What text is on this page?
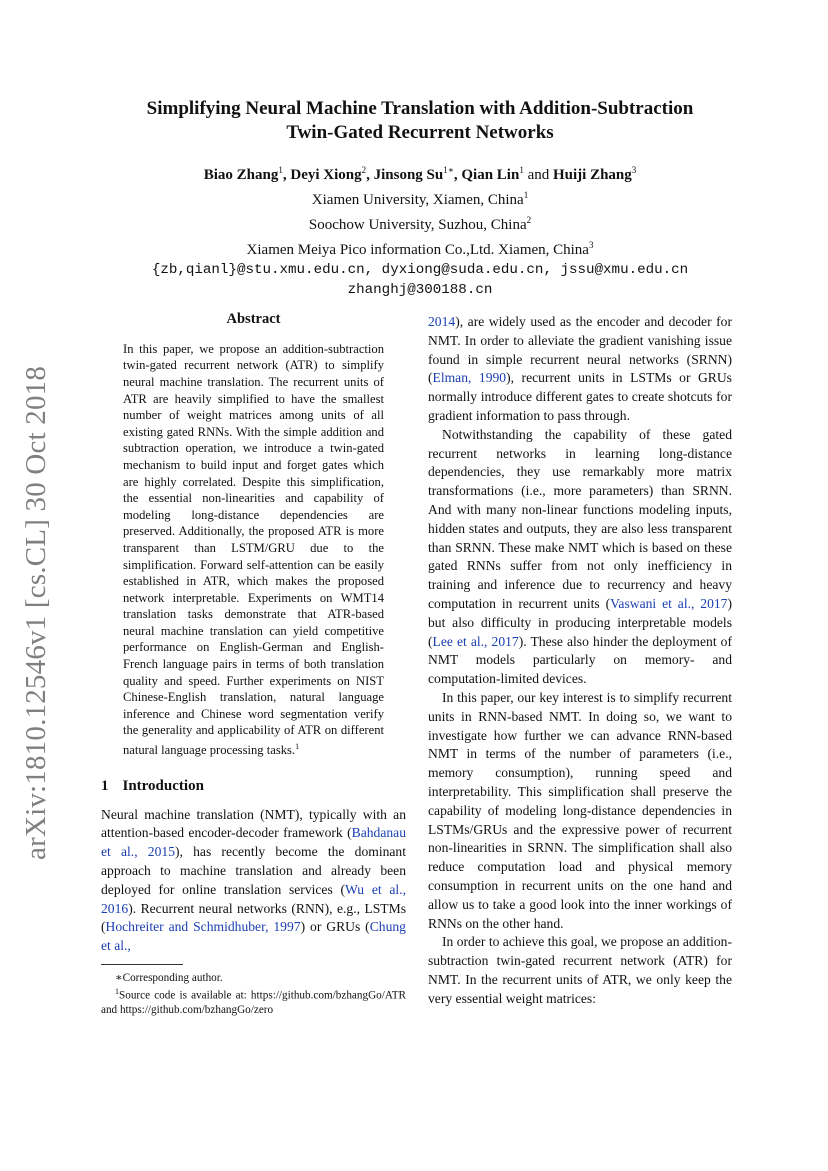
arXiv:1810.12546v1 [cs.CL] 30 Oct 2018
Simplifying Neural Machine Translation with Addition-Subtraction
Twin-Gated Recurrent Networks
Biao Zhang$^1$, Deyi Xiong$^2$, Jinsong $Su^{1∗}$, Qian Lin$^1$ and Huiji Zhang$^3$
Xiamen University, Xiamen, China$^1$
Soochow University, Suzhou, China$^2$
Xiamen Meiya Pico information Co.,Ltd. Xiamen, China$^3$
{zb,qianl}@stu.xmu.edu.cn, dyxiong@suda.edu.cn, jssu@xmu.edu.cn
zhanghj@300188.cn
Abstract
In this paper, we propose an addition-subtraction twin-gated recurrent network (ATR) to simplify neural machine translation. The recurrent units of ATR are heavily simplified to have the smallest number of weight matrices among units of all existing gated RNNs. With the simple addition and subtraction operation, we introduce a twin-gated mechanism to build input and forget gates which are highly correlated. Despite this simplification, the essential non-linearities and capability of modeling long-distance dependencies are preserved. Additionally, the proposed ATR is more transparent than LSTM/GRU due to the simplification. Forward self-attention can be easily established in ATR, which makes the proposed network interpretable. Experiments on WMT14 translation tasks demonstrate that ATR-based neural machine translation can yield competitive performance on English-German and English-French language pairs in terms of both translation quality and speed. Further experiments on NIST Chinese-English translation, natural language inference and Chinese word segmentation verify the generality and applicability of ATR on different natural language processing tasks.$^1$
1 Introduction

Neural machine translation (NMT), typically with an attention-based encoder-decoder framework (Bahdanau et al., 2015), has recently become the dominant approach to machine translation and already been deployed for online translation services (Wu et al., 2016). Recurrent neural networks (RNN), e.g., LSTMs (Hochreiter and Schmidhuber, 1997) or GRUs (Chung et al.,

∗Corresponding author.
$^1$Source code is available at: https://github.com/bzhangGo/ATR and https://github.com/bzhangGo/zero

2014), are widely used as the encoder and decoder for NMT. In order to alleviate the gradient vanishing issue found in simple recurrent neural networks (SRNN) (Elman, 1990), recurrent units in LSTMs or GRUs normally introduce different gates to create shotcuts for gradient information to pass through.

Notwithstanding the capability of these gated recurrent networks in learning long-distance dependencies, they use remarkably more matrix transformations (i.e., more parameters) than SRNN. And with many non-linear functions modeling inputs, hidden states and outputs, they are also less transparent than SRNN. These make NMT which is based on these gated RNNs suffer from not only inefficiency in training and inference due to recurrency and heavy computation in recurrent units (Vaswani et al., 2017) but also difficulty in producing interpretable models (Lee et al., 2017). These also hinder the deployment of NMT models particularly on memory- and computation-limited devices.

In this paper, our key interest is to simplify recurrent units in RNN-based NMT. In doing so, we want to investigate how further we can advance RNN-based NMT in terms of the number of parameters (i.e., memory consumption), running speed and interpretability. This simplification shall preserve the capability of modeling long-distance dependencies in LSTMs/GRUs and the expressive power of recurrent non-linearities in SRNN. The simplification shall also reduce computation load and physical memory consumption in recurrent units on the one hand and allow us to take a good look into the inner workings of RNNs on the other hand.

In order to achieve this goal, we propose an addition-subtraction twin-gated recurrent network (ATR) for NMT. In the recurrent units of ATR, we only keep the very essential weight matrices:
